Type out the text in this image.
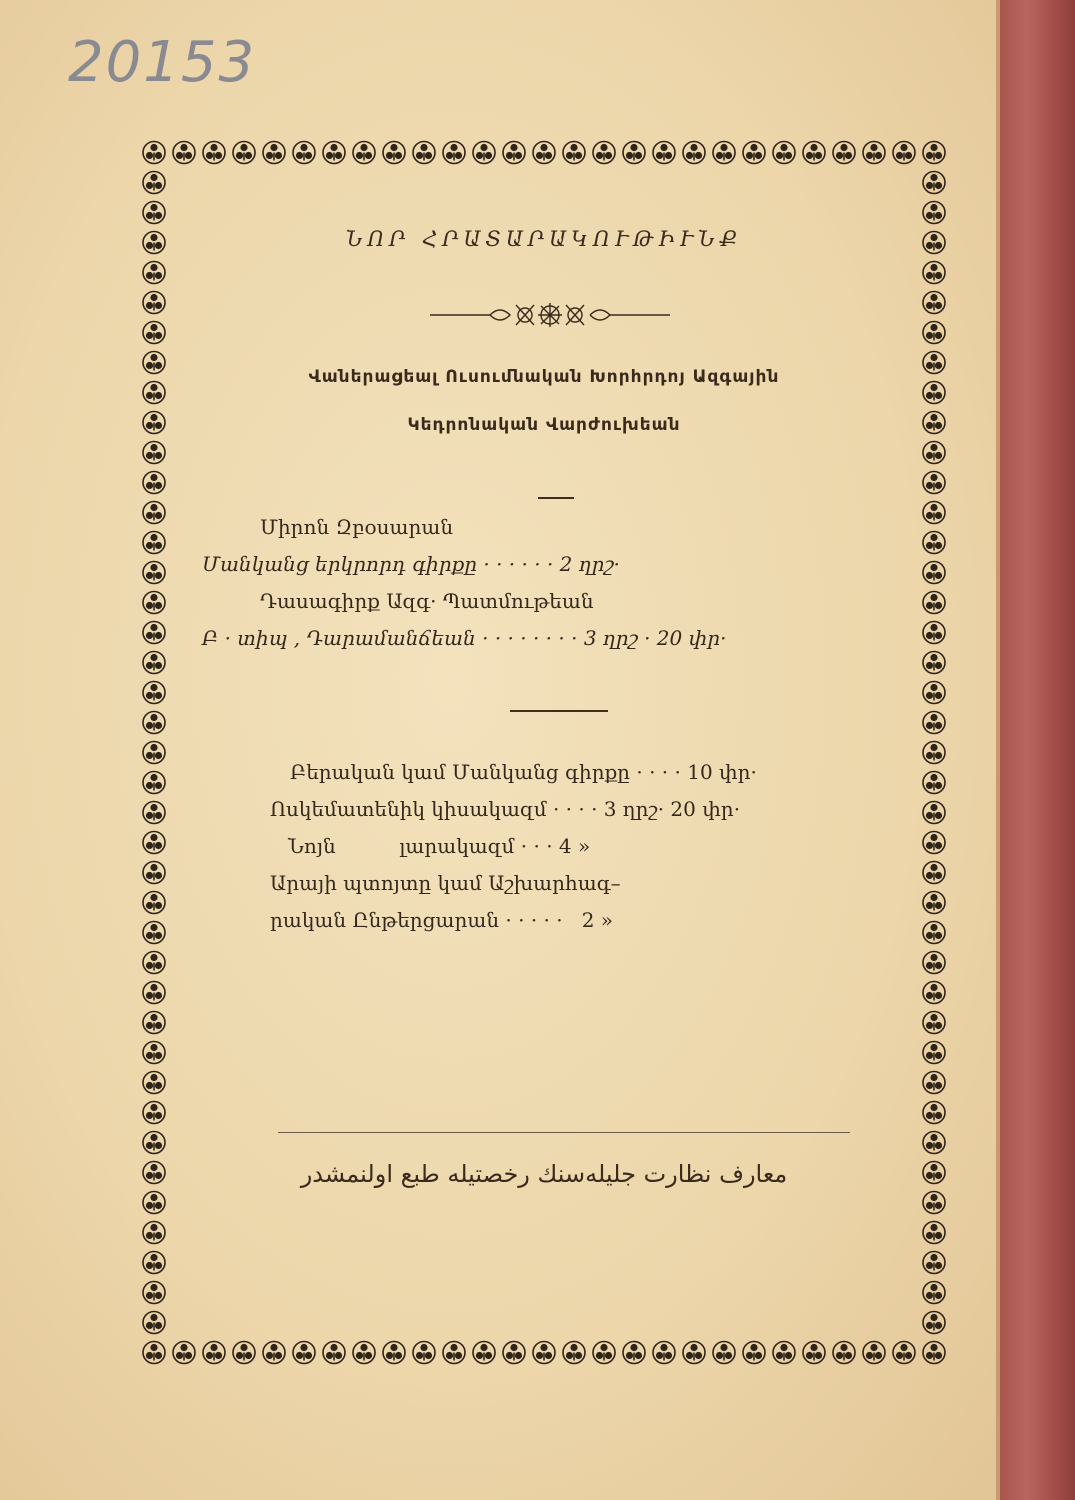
20153
ՆՈՐ ՀՐԱՏԱՐԱԿՈՒԹԻՒՆՔ
Վաներացեալ Ուսումնական Խորհրդոյ Ազգային
Կեդրոնական Վարժուխեան
Միրոն Զբօսարան
Մանկանց երկրորդ գիրքը · · · · · · 2 ղրշ·
Դասագիրք Ազգ· Պատմութեան
Բ · տիպ , Դարամանճեան · · · · · · · · 3 ղրշ · 20 փր·
Բերական կամ Մանկանց գիրքը · · · · 10 փր·
Ոսկեմատենիկ կիսակազմ · · · · 3 ղրշ· 20 փր·
Նոյն          լարակազմ · · · 4 »
Արայի պտոյտը կամ Աշխարհագ–
րական Ընթերցարան · · · · ·   2 »
معارف نظارت جليله‌سنك رخصتيله طبع اولنمشدر
